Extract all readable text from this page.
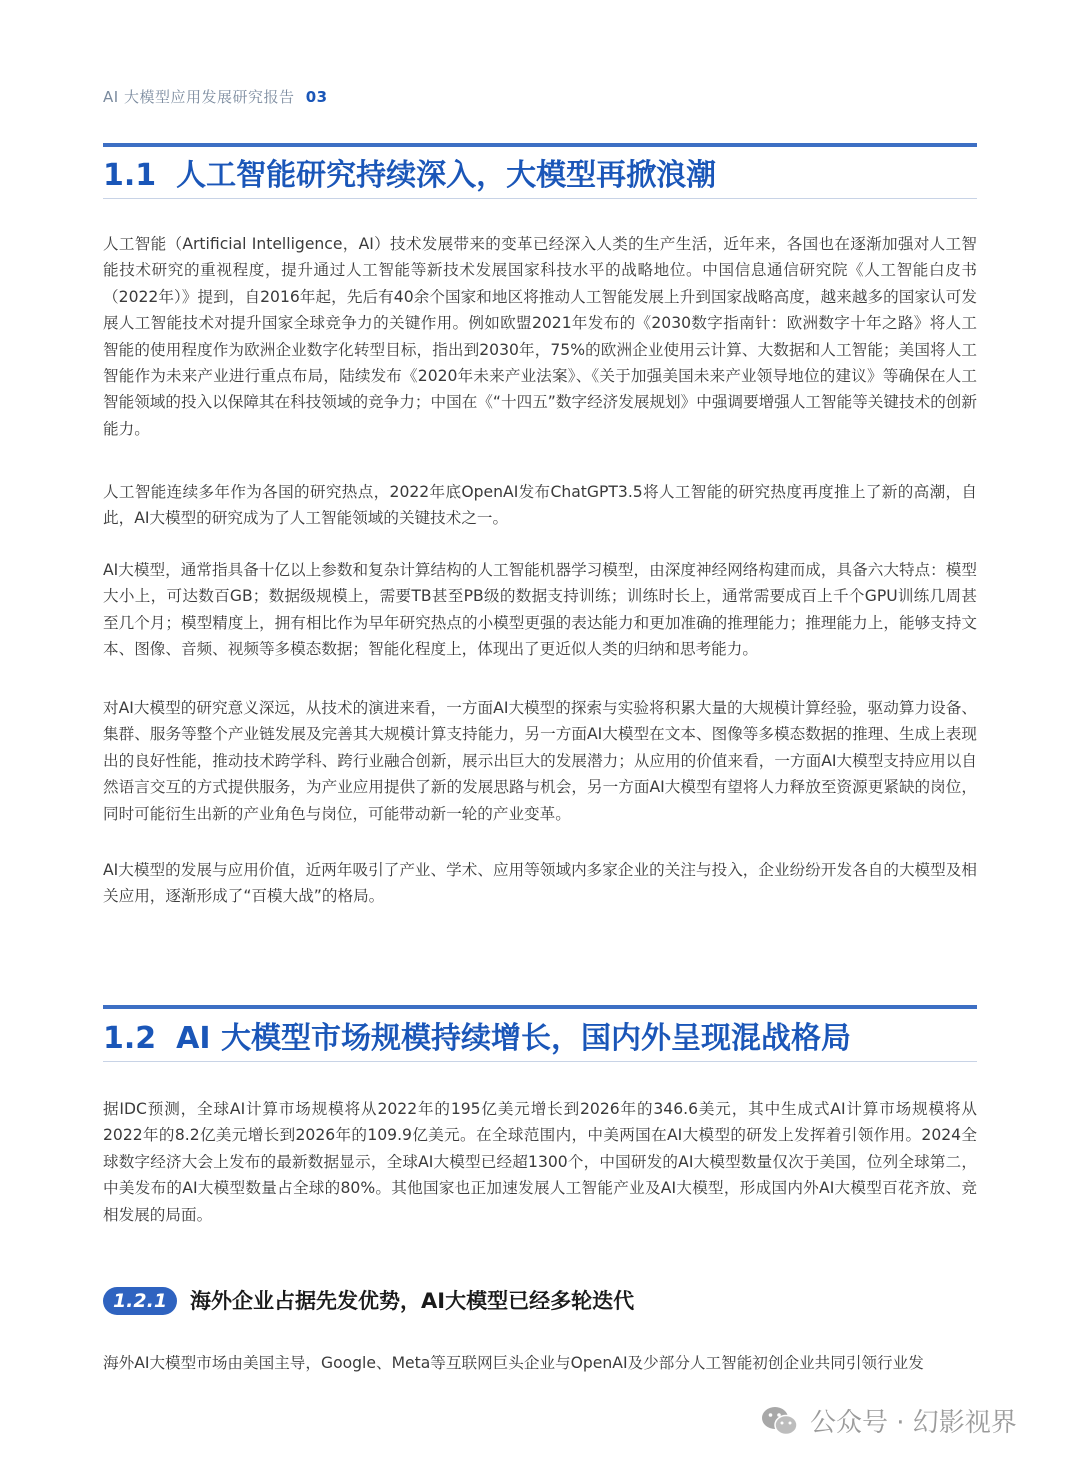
AI 大模型应用发展研究报告 03
1.1 人工智能研究持续深入，大模型再掀浪潮

人工智能（Artificial Intelligence，AI）技术发展带来的变革已经深入人类的生产生活，近年来，各国也在逐渐加强对人工智能技术研究的重视程度，提升通过人工智能等新技术发展国家科技水平的战略地位。中国信息通信研究院《人工智能白皮书（2022年）》提到，自2016年起，先后有40余个国家和地区将推动人工智能发展上升到国家战略高度，越来越多的国家认可发展人工智能技术对提升国家全球竞争力的关键作用。例如欧盟2021年发布的《2030数字指南针：欧洲数字十年之路》将人工智能的使用程度作为欧洲企业数字化转型目标，指出到2030年，75%的欧洲企业使用云计算、大数据和人工智能；美国将人工智能作为未来产业进行重点布局，陆续发布《2020年未来产业法案》、《关于加强美国未来产业领导地位的建议》等确保在人工智能领域的投入以保障其在科技领域的竞争力；中国在《“十四五”数字经济发展规划》中强调要增强人工智能等关键技术的创新能力。

人工智能连续多年作为各国的研究热点，2022年底OpenAI发布ChatGPT3.5将人工智能的研究热度再度推上了新的高潮，自此，AI大模型的研究成为了人工智能领域的关键技术之一。

AI大模型，通常指具备十亿以上参数和复杂计算结构的人工智能机器学习模型，由深度神经网络构建而成，具备六大特点：模型大小上，可达数百GB；数据级规模上，需要TB甚至PB级的数据支持训练；训练时长上，通常需要成百上千个GPU训练几周甚至几个月；模型精度上，拥有相比作为早年研究热点的小模型更强的表达能力和更加准确的推理能力；推理能力上，能够支持文本、图像、音频、视频等多模态数据；智能化程度上，体现出了更近似人类的归纳和思考能力。

对AI大模型的研究意义深远，从技术的演进来看，一方面AI大模型的探索与实验将积累大量的大规模计算经验，驱动算力设备、集群、服务等整个产业链发展及完善其大规模计算支持能力，另一方面AI大模型在文本、图像等多模态数据的推理、生成上表现出的良好性能，推动技术跨学科、跨行业融合创新，展示出巨大的发展潜力；从应用的价值来看，一方面AI大模型支持应用以自然语言交互的方式提供服务，为产业应用提供了新的发展思路与机会，另一方面AI大模型有望将人力释放至资源更紧缺的岗位，同时可能衍生出新的产业角色与岗位，可能带动新一轮的产业变革。

AI大模型的发展与应用价值，近两年吸引了产业、学术、应用等领域内多家企业的关注与投入，企业纷纷开发各自的大模型及相关应用，逐渐形成了“百模大战”的格局。

1.2 AI 大模型市场规模持续增长，国内外呈现混战格局

据IDC预测，全球AI计算市场规模将从2022年的195亿美元增长到2026年的346.6美元，其中生成式AI计算市场规模将从2022年的8.2亿美元增长到2026年的109.9亿美元。在全球范围内，中美两国在AI大模型的研发上发挥着引领作用。2024全球数字经济大会上发布的最新数据显示，全球AI大模型已经超1300个，中国研发的AI大模型数量仅次于美国，位列全球第二，中美发布的AI大模型数量占全球的80%。其他国家也正加速发展人工智能产业及AI大模型，形成国内外AI大模型百花齐放、竞相发展的局面。

1.2.1	海外企业占据先发优势，AI大模型已经多轮迭代

海外AI大模型市场由美国主导，Google、Meta等互联网巨头企业与OpenAI及少部分人工智能初创企业共同引领行业发

公众号 · 幻影视界
